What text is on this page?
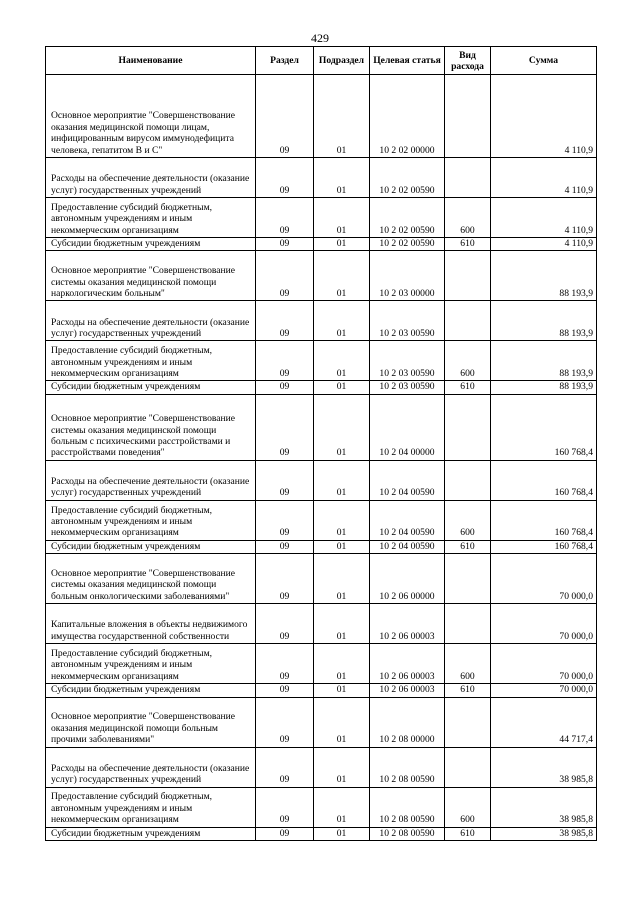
429
Наименование	Раздел	Подраздел	Целевая статья	Вид расхода	Сумма
Основное мероприятие "Совершенствование оказания медицинской помощи лицам, инфицированным вирусом иммунодефицита человека, гепатитом В и С"	09	01	10 2 02 00000		4 110,9
Расходы на обеспечение деятельности (оказание услуг) государственных учреждений	09	01	10 2 02 00590		4 110,9
Предоставление субсидий бюджетным, автономным учреждениям и иным некоммерческим организациям	09	01	10 2 02 00590	600	4 110,9
Субсидии бюджетным учреждениям	09	01	10 2 02 00590	610	4 110,9
Основное мероприятие "Совершенствование системы оказания медицинской помощи наркологическим больным"	09	01	10 2 03 00000		88 193,9
Расходы на обеспечение деятельности (оказание услуг) государственных учреждений	09	01	10 2 03 00590		88 193,9
Предоставление субсидий бюджетным, автономным учреждениям и иным некоммерческим организациям	09	01	10 2 03 00590	600	88 193,9
Субсидии бюджетным учреждениям	09	01	10 2 03 00590	610	88 193,9
Основное мероприятие "Совершенствование системы оказания медицинской помощи больным с психическими расстройствами и расстройствами поведения"	09	01	10 2 04 00000		160 768,4
Расходы на обеспечение деятельности (оказание услуг) государственных учреждений	09	01	10 2 04 00590		160 768,4
Предоставление субсидий бюджетным, автономным учреждениям и иным некоммерческим организациям	09	01	10 2 04 00590	600	160 768,4
Субсидии бюджетным учреждениям	09	01	10 2 04 00590	610	160 768,4
Основное мероприятие "Совершенствование системы оказания медицинской помощи больным онкологическими заболеваниями"	09	01	10 2 06 00000		70 000,0
Капитальные вложения в объекты недвижимого имущества государственной собственности	09	01	10 2 06 00003		70 000,0
Предоставление субсидий бюджетным, автономным учреждениям и иным некоммерческим организациям	09	01	10 2 06 00003	600	70 000,0
Субсидии бюджетным учреждениям	09	01	10 2 06 00003	610	70 000,0
Основное мероприятие "Совершенствование оказания медицинской помощи больным прочими заболеваниями"	09	01	10 2 08 00000		44 717,4
Расходы на обеспечение деятельности (оказание услуг) государственных учреждений	09	01	10 2 08 00590		38 985,8
Предоставление субсидий бюджетным, автономным учреждениям и иным некоммерческим организациям	09	01	10 2 08 00590	600	38 985,8
Субсидии бюджетным учреждениям	09	01	10 2 08 00590	610	38 985,8
